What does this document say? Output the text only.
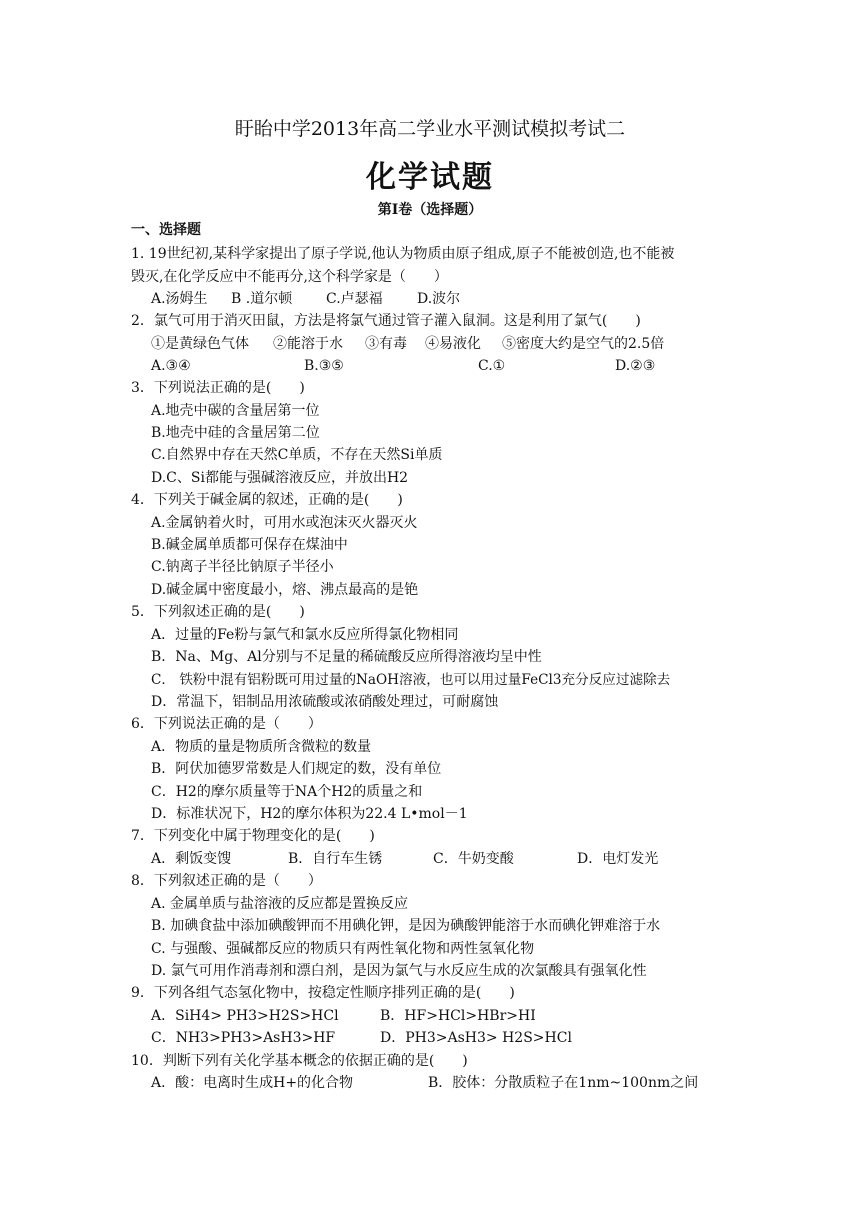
盱眙中学2013年高二学业水平测试模拟考试二
化学试题
第Ⅰ卷（选择题）
一、选择题
1. 19世纪初,某科学家提出了原子学说,他认为物质由原子组成,原子不能被创造,也不能被
毁灭,在化学反应中不能再分,这个科学家是（　　）
A.汤姆生 B .道尔顿 C.卢瑟福 D.波尔
2．氯气可用于消灭田鼠，方法是将氯气通过管子灌入鼠洞。这是利用了氯气(　　)
①是黄绿色气体 ②能溶于水 ③有毒 ④易液化 ⑤密度大约是空气的2.5倍
A.③④	B.③⑤	C.①	D.②③
3．下列说法正确的是(　　)
A.地壳中碳的含量居第一位
B.地壳中硅的含量居第二位
C.自然界中存在天然C单质，不存在天然Si单质
D.C、Si都能与强碱溶液反应，并放出H2
4．下列关于碱金属的叙述，正确的是(　　)
A.金属钠着火时，可用水或泡沫灭火器灭火
B.碱金属单质都可保存在煤油中
C.钠离子半径比钠原子半径小
D.碱金属中密度最小，熔、沸点最高的是铯
5．下列叙述正确的是(　　)
A．过量的Fe粉与氯气和氯水反应所得氯化物相同
B．Na、Mg、Al分别与不足量的稀硫酸反应所得溶液均呈中性
C． 铁粉中混有铝粉既可用过量的NaOH溶液，也可以用过量FeCl3充分反应过滤除去
D．常温下，铝制品用浓硫酸或浓硝酸处理过，可耐腐蚀
6．下列说法正确的是（　　）
A．物质的量是物质所含微粒的数量
B．阿伏加德罗常数是人们规定的数，没有单位
C．H2的摩尔质量等于NA个H2的质量之和
D．标准状况下，H2的摩尔体积为22.4 L•mol－1
7．下列变化中属于物理变化的是(　　)
A．剩饭变馊	B．自行车生锈	C．牛奶变酸	D．电灯发光
8．下列叙述正确的是（　　）
A. 金属单质与盐溶液的反应都是置换反应
B. 加碘食盐中添加碘酸钾而不用碘化钾，是因为碘酸钾能溶于水而碘化钾难溶于水
C. 与强酸、强碱都反应的物质只有两性氧化物和两性氢氧化物
D. 氯气可用作消毒剂和漂白剂，是因为氯气与水反应生成的次氯酸具有强氧化性
9．下列各组气态氢化物中，按稳定性顺序排列正确的是(　　)
A．SiH4> PH3>H2S>HCl	B．HF>HCl>HBr>HI
C．NH3>PH3>AsH3>HF	D．PH3>AsH3> H2S>HCl
10．判断下列有关化学基本概念的依据正确的是(　　)
A．酸：电离时生成H+的化合物	B．胶体：分散质粒子在1nm~100nm之间
